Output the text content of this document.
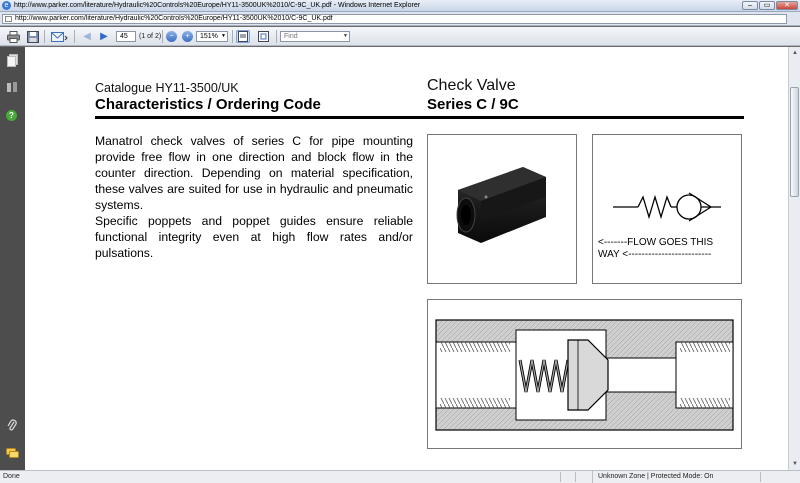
e http://www.parker.com/literature/Hydraulic%20Controls%20Europe/HY11-3500UK%2010/C-9C_UK.pdf - Windows Internet Explorer	–	▭	✕
http://www.parker.com/literature/Hydraulic%20Controls%20Europe/HY11-3500UK%2010/C-9C_UK.pdf
◀ ▶
45	(1 of 2)	−	+	151% ▼	Find	▼
?
Catalogue HY11-3500/UK
Characteristics / Ordering Code
Check Valve
Series C / 9C

Manatrol check valves of series C for pipe mounting provide free flow in one direction and block flow in the counter direction. Depending on material specification, these valves are suited for use in hydraulic and pneumatic systems.

Specific poppets and poppet guides ensure reliable functional integrity even at high flow rates and/or pulsations.

<-------FLOW GOES THIS
WAY <-------------------------
▲
▼
Done	Unknown Zone | Protected Mode: On
